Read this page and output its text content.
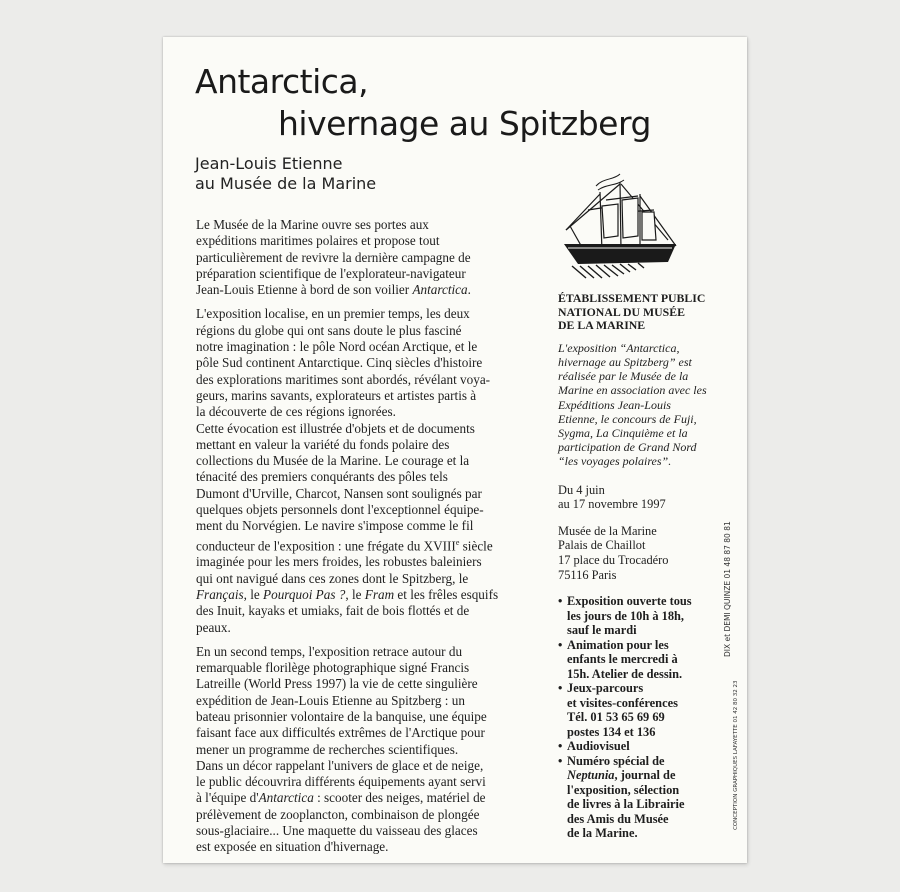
Antarctica,
hivernage au Spitzberg
Jean-Louis Etienne
au Musée de la Marine

Le Musée de la Marine ouvre ses portes aux
expéditions maritimes polaires et propose tout
particulièrement de revivre la dernière campagne de
préparation scientifique de l'explorateur-navigateur
Jean-Louis Etienne à bord de son voilier Antarctica.

L'exposition localise, en un premier temps, les deux
régions du globe qui ont sans doute le plus fasciné
notre imagination : le pôle Nord océan Arctique, et le
pôle Sud continent Antarctique. Cinq siècles d'histoire
des explorations maritimes sont abordés, révélant voya-
geurs, marins savants, explorateurs et artistes partis à
la découverte de ces régions ignorées.

Cette évocation est illustrée d'objets et de documents
mettant en valeur la variété du fonds polaire des
collections du Musée de la Marine. Le courage et la
ténacité des premiers conquérants des pôles tels
Dumont d'Urville, Charcot, Nansen sont soulignés par
quelques objets personnels dont l'exceptionnel équipe-
ment du Norvégien. Le navire s'impose comme le fil
conducteur de l'exposition : une frégate du XVIIIe siècle
imaginée pour les mers froides, les robustes baleiniers
qui ont navigué dans ces zones dont le Spitzberg, le
Français, le Pourquoi Pas ?, le Fram et les frêles esquifs
des Inuit, kayaks et umiaks, fait de bois flottés et de
peaux.

En un second temps, l'exposition retrace autour du
remarquable florilège photographique signé Francis
Latreille (World Press 1997) la vie de cette singulière
expédition de Jean-Louis Etienne au Spitzberg : un
bateau prisonnier volontaire de la banquise, une équipe
faisant face aux difficultés extrêmes de l'Arctique pour
mener un programme de recherches scientifiques.

Dans un décor rappelant l'univers de glace et de neige,
le public découvrira différents équipements ayant servi
à l'équipe d'Antarctica : scooter des neiges, matériel de
prélèvement de zooplancton, combinaison de plongée
sous-glaciaire... Une maquette du vaisseau des glaces
est exposée en situation d'hivernage.

ÉTABLISSEMENT PUBLIC
NATIONAL DU MUSÉE
DE LA MARINE
L'exposition “Antarctica,
hivernage au Spitzberg” est
réalisée par le Musée de la
Marine en association avec les
Expéditions Jean-Louis
Etienne, le concours de Fuji,
Sygma, La Cinquième et la
participation de Grand Nord
“les voyages polaires”.
Du 4 juin
au 17 novembre 1997
Musée de la Marine
Palais de Chaillot
17 place du Trocadéro
75116 Paris
• Exposition ouverte tous
les jours de 10h à 18h,
sauf le mardi
• Animation pour les
enfants le mercredi à
15h. Atelier de dessin.
• Jeux-parcours
et visites-conférences
Tél. 01 53 65 69 69
postes 134 et 136
• Audiovisuel
• Numéro spécial de
Neptunia, journal de
l'exposition, sélection
de livres à la Librairie
des Amis du Musée
de la Marine.
DIX et DEMI QUINZE 01 48 87 80 81
CONCEPTION GRAPHIQUES LAFAYETTE 01 42 80 32 23
